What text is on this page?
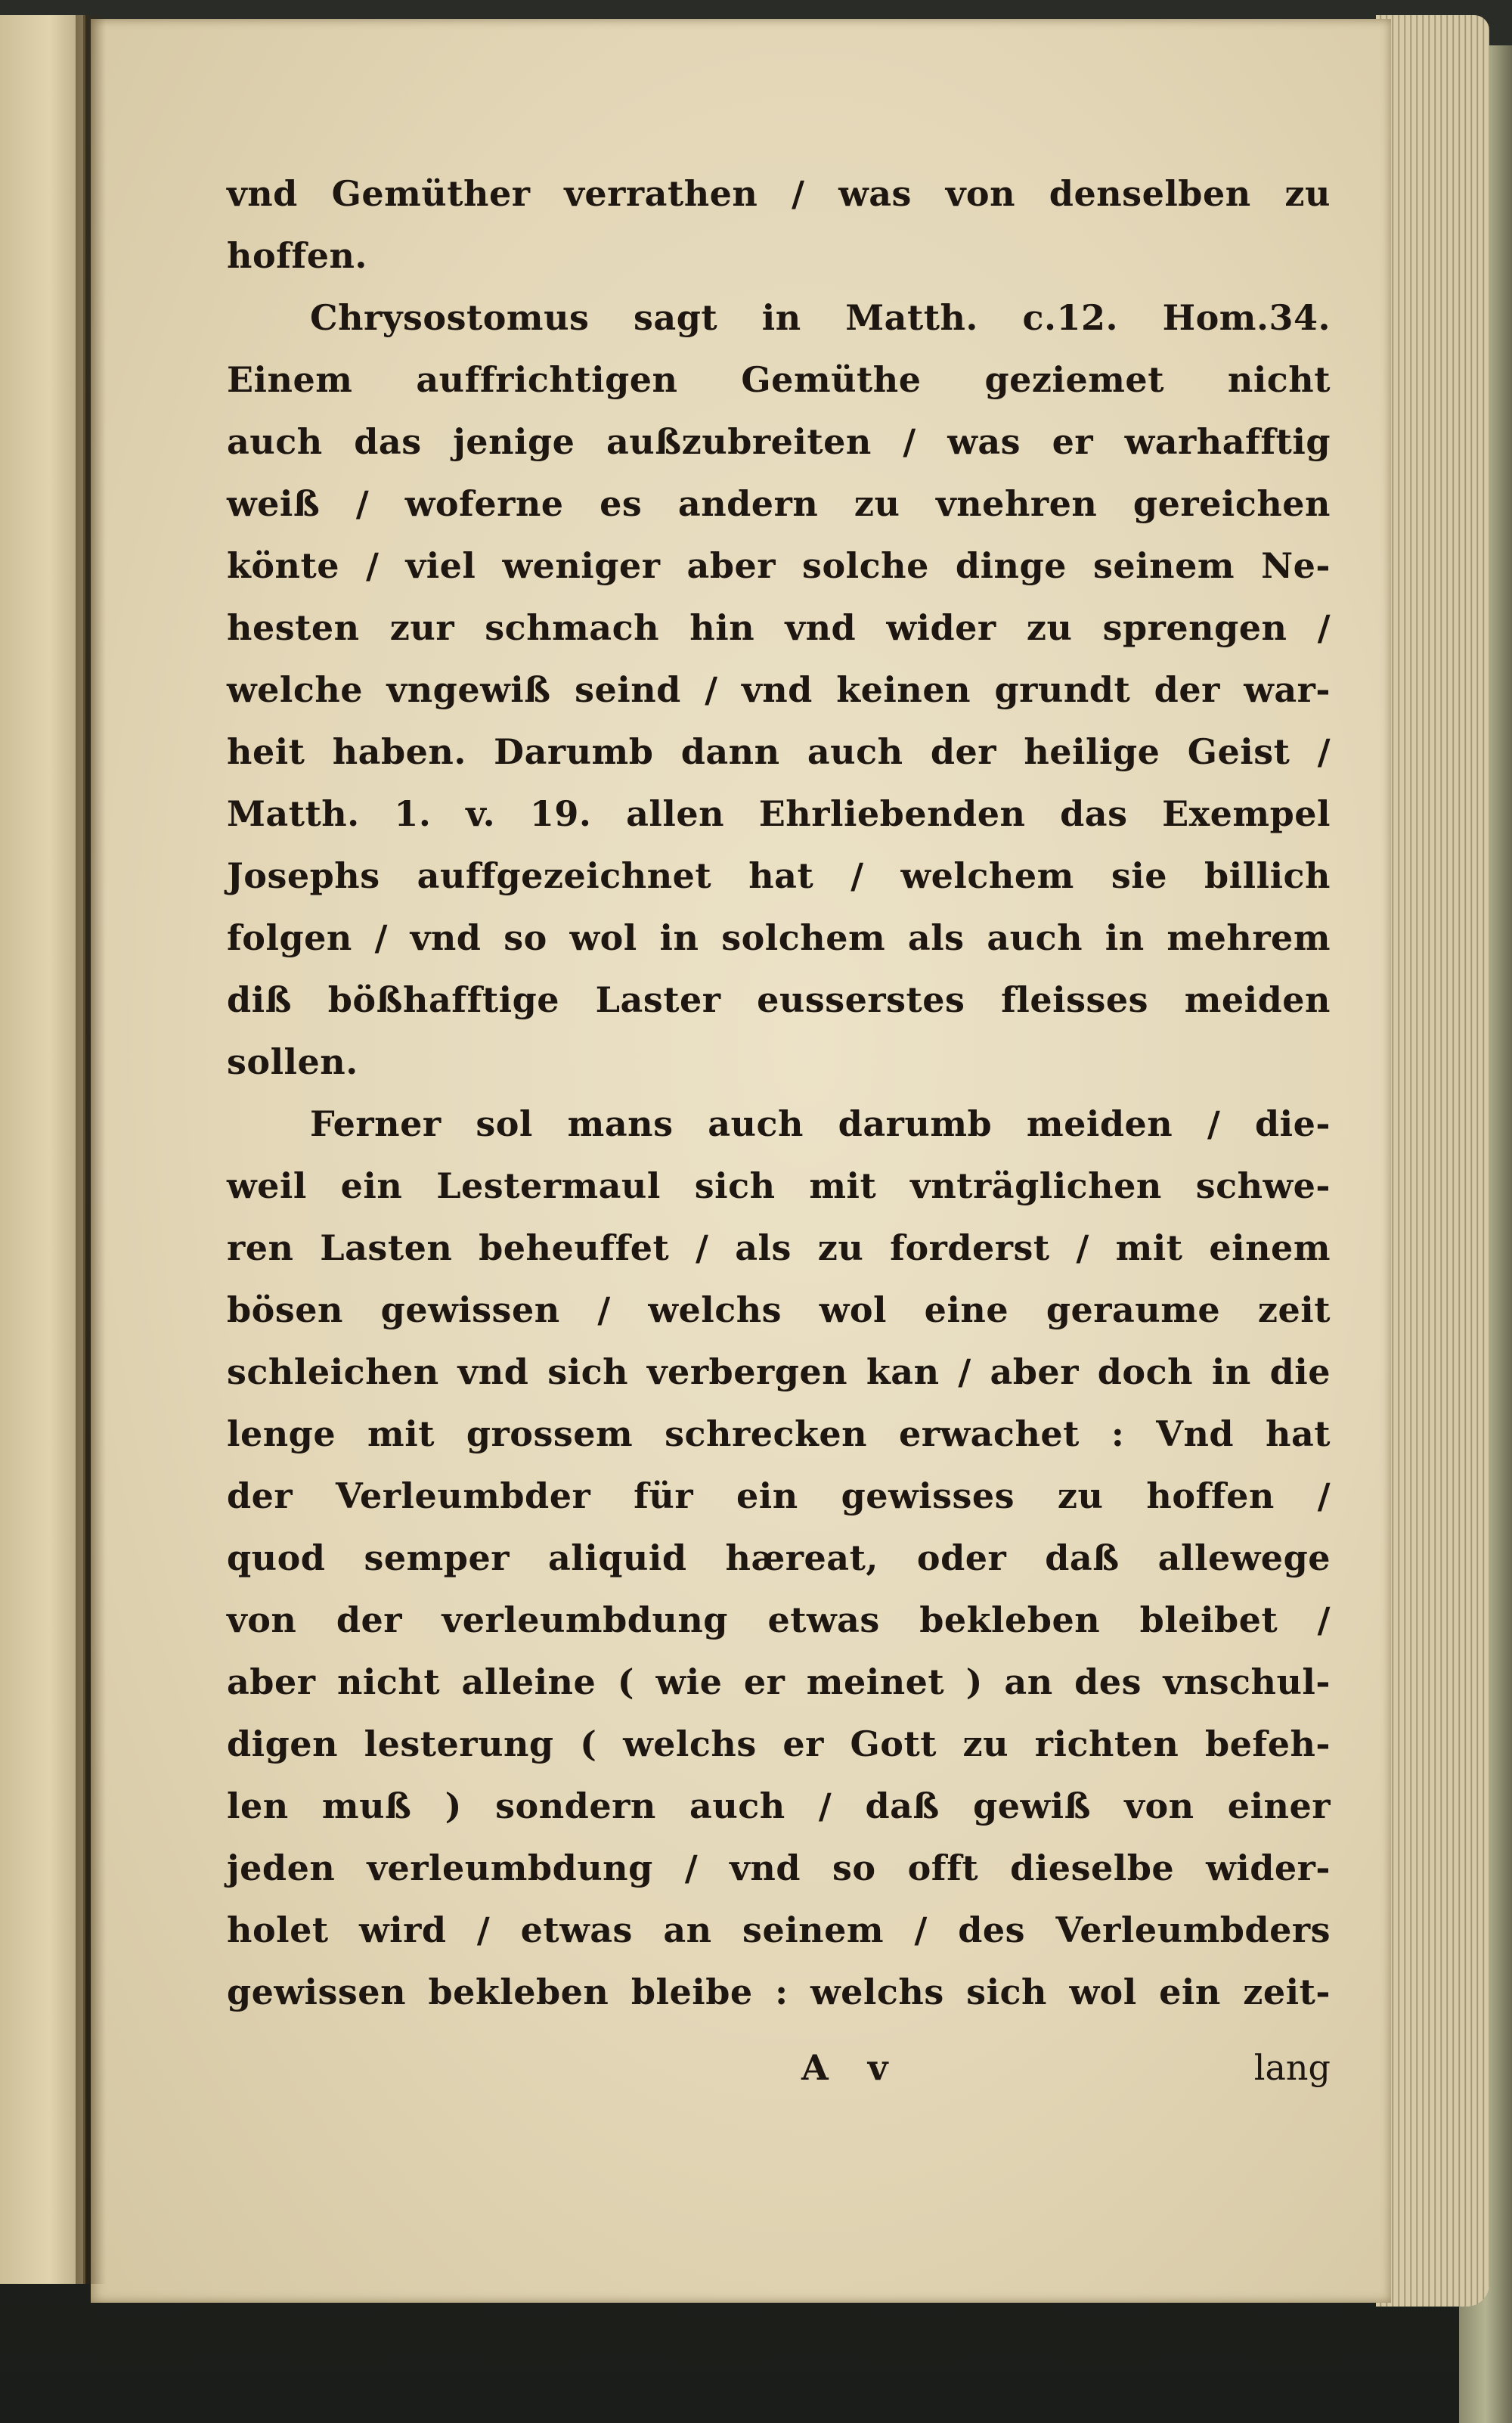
vnd Gemüther verrathen / was von denselben zu
hoffen.
Chrysostomus sagt in Matth. c.12. Hom.34.
Einem auffrichtigen Gemüthe geziemet nicht
auch das jenige außzubreiten / was er warhafftig
weiß / woferne es andern zu vnehren gereichen
könte / viel weniger aber solche dinge seinem Ne-
hesten zur schmach hin vnd wider zu sprengen /
welche vngewiß seind / vnd keinen grundt der war-
heit haben. Darumb dann auch der heilige Geist /
Matth. 1. v. 19. allen Ehrliebenden das Exempel
Josephs auffgezeichnet hat / welchem sie billich
folgen / vnd so wol in solchem als auch in mehrem
diß bößhafftige Laster eusserstes fleisses meiden
sollen.
Ferner sol mans auch darumb meiden / die-
weil ein Lestermaul sich mit vnträglichen schwe-
ren Lasten beheuffet / als zu forderst / mit einem
bösen gewissen / welchs wol eine geraume zeit
schleichen vnd sich verbergen kan / aber doch in die
lenge mit grossem schrecken erwachet : Vnd hat
der Verleumbder für ein gewisses zu hoffen /
quod semper aliquid hæreat, oder daß allewege
von der verleumbdung etwas bekleben bleibet /
aber nicht alleine ( wie er meinet ) an des vnschul-
digen lesterung ( welchs er Gott zu richten befeh-
len muß ) sondern auch / daß gewiß von einer
jeden verleumbdung / vnd so offt dieselbe wider-
holet wird / etwas an seinem / des Verleumbders
gewissen bekleben bleibe : welchs sich wol ein zeit-
A v	lang
